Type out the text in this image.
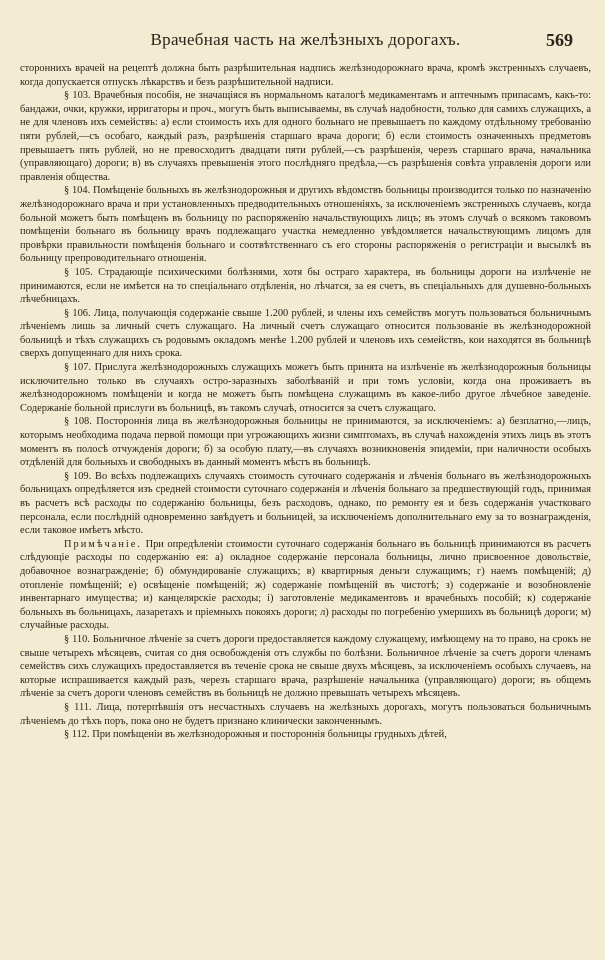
Врачебная часть на желѣзныхъ дорогахъ.	569

стороннихъ врачей на рецептѣ должна быть разрѣшительная надпись желѣзнодорожнаго врача, кромѣ экстренныхъ случаевъ, когда допускается отпускъ лѣкарствъ и безъ разрѣшительной надписи.

§ 103. Врачебныя пособія, не значащіяся въ нормальномъ каталогѣ медикаментамъ и аптечнымъ припасамъ, какъ-то: бандажи, очки, кружки, ирригаторы и проч., могутъ быть выписываемы, въ случаѣ надобности, только для самихъ служащихъ, а не для членовъ ихъ семействъ: а) если стоимость ихъ для одного больнаго не превышаетъ по каждому отдѣльному требованію пяти рублей,—съ особаго, каждый разъ, разрѣшенія старшаго врача дороги; б) если стоимость означенныхъ предметовъ превышаетъ пять рублей, но не превосходитъ двадцати пяти рублей,—съ разрѣшенія, черезъ старшаго врача, начальника (управляющаго) дороги; в) въ случаяхъ превышенія этого послѣдняго предѣла,—съ разрѣшенія совѣта управленія дороги или правленія общества.

§ 104. Помѣщеніе больныхъ въ желѣзнодорожныя и другихъ вѣдомствъ больницы производится только по назначенію желѣзнодорожнаго врача и при установленныхъ предводительныхъ отношеніяхъ, за исключеніемъ экстренныхъ случаевъ, когда больной можетъ быть помѣщенъ въ больницу по распоряженію начальствующихъ лицъ; въ этомъ случаѣ о всякомъ таковомъ помѣщеніи больнаго въ больницу врачъ подлежащаго участка немедленно увѣдомляется начальствующимъ лицомъ для провѣрки правильности помѣщенія больнаго и соотвѣтственнаго съ его стороны распоряженія о регистраціи и высылкѣ въ больницу препроводительнаго отношенія.

§ 105. Страдающіе психическими болѣзнями, хотя бы остраго характера, въ больницы дороги на излѣченіе не принимаются, если не имѣется на то спеціальнаго отдѣленія, но лѣчатся, за ея счетъ, въ спеціальныхъ для душевно-больныхъ лѣчебницахъ.

§ 106. Лица, получающія содержаніе свыше 1.200 рублей, и члены ихъ семействъ могутъ пользоваться больничнымъ лѣченіемъ лишь за личный счетъ служащаго. На личный счетъ служащаго относится пользованіе въ желѣзнодорожной больницѣ и тѣхъ служащихъ съ родовымъ окладомъ менѣе 1.200 рублей и членовъ ихъ семействъ, кои находятся въ больницѣ сверхъ допущеннаго для нихъ срока.

§ 107. Прислуга желѣзнодорожныхъ служащихъ можетъ быть принята на излѣченіе въ желѣзнодорожныя больницы исключительно только въ случаяхъ остро-заразныхъ заболѣваній и при томъ условіи, когда она проживаетъ въ желѣзнодорожномъ помѣщеніи и когда не можетъ быть помѣщена служащимъ въ какое-либо другое лѣчебное заведеніе. Содержаніе больной прислуги въ больницѣ, въ такомъ случаѣ, относится за счетъ служащаго.

§ 108. Постороннія лица въ желѣзнодорожныя больницы не принимаются, за исключеніемъ: а) безплатно,—лицъ, которымъ необходима подача первой помощи при угрожающихъ жизни симптомахъ, въ случаѣ нахожденія этихъ лицъ въ этотъ моментъ въ полосѣ отчужденія дороги; б) за особую плату,—въ случаяхъ возникновенія эпидеміи, при наличности особыхъ отдѣленій для больныхъ и свободныхъ въ данный моментъ мѣстъ въ больницѣ.

§ 109. Во всѣхъ подлежащихъ случаяхъ стоимость суточнаго содержанія и лѣченія больнаго въ желѣзнодорожныхъ больницахъ опредѣляется изъ средней стоимости суточнаго содержанія и лѣченія больнаго за предшествующій годъ, принимая въ расчетъ всѣ расходы по содержанію больницы, безъ расходовъ, однако, по ремонту ея и безъ содержанія участковаго персонала, если послѣдній одновременно завѣдуетъ и больницей, за исключеніемъ дополнительнаго ему за то вознагражденія, если таковое имѣетъ мѣсто.

Примѣчаніе. При опредѣленіи стоимости суточнаго содержанія больнаго въ больницѣ принимаются въ расчетъ слѣдующіе расходы по содержанію ея: а) окладное содержаніе персонала больницы, лично присвоенное довольствіе, добавочное вознагражденіе; б) обмундированіе служащихъ; в) квартирныя деньги служащимъ; г) наемъ помѣщеній; д) отопленіе помѣщеній; е) освѣщеніе помѣщеній; ж) содержаніе помѣщеній въ чистотѣ; з) содержаніе и возобновленіе инвентарнаго имущества; и) канцелярскіе расходы; і) заготовленіе медикаментовъ и врачебныхъ пособій; к) содержаніе больныхъ въ больницахъ, лазаретахъ и пріемныхъ покояхъ дороги; л) расходы по погребенію умершихъ въ больницѣ дороги; м) случайные расходы.

§ 110. Больничное лѣченіе за счетъ дороги предоставляется каждому служащему, имѣющему на то право, на срокъ не свыше четырехъ мѣсяцевъ, считая со дня освобожденія отъ службы по болѣзни. Больничное лѣченіе за счетъ дороги членамъ семействъ сихъ служащихъ предоставляется въ теченіе срока не свыше двухъ мѣсяцевъ, за исключеніемъ особыхъ случаевъ, на которые испрашивается каждый разъ, черезъ старшаго врача, разрѣшеніе начальника (управляющаго) дороги; въ общемъ лѣченіе за счетъ дороги членовъ семействъ въ больницѣ не должно превышать четырехъ мѣсяцевъ.

§ 111. Лица, потерпѣвшія отъ несчастныхъ случаевъ на желѣзныхъ дорогахъ, могутъ пользоваться больничнымъ лѣченіемъ до тѣхъ поръ, пока оно не будетъ признано клинически законченнымъ.

§ 112. При помѣщеніи въ желѣзнодорожныя и постороннія больницы грудныхъ дѣтей,
